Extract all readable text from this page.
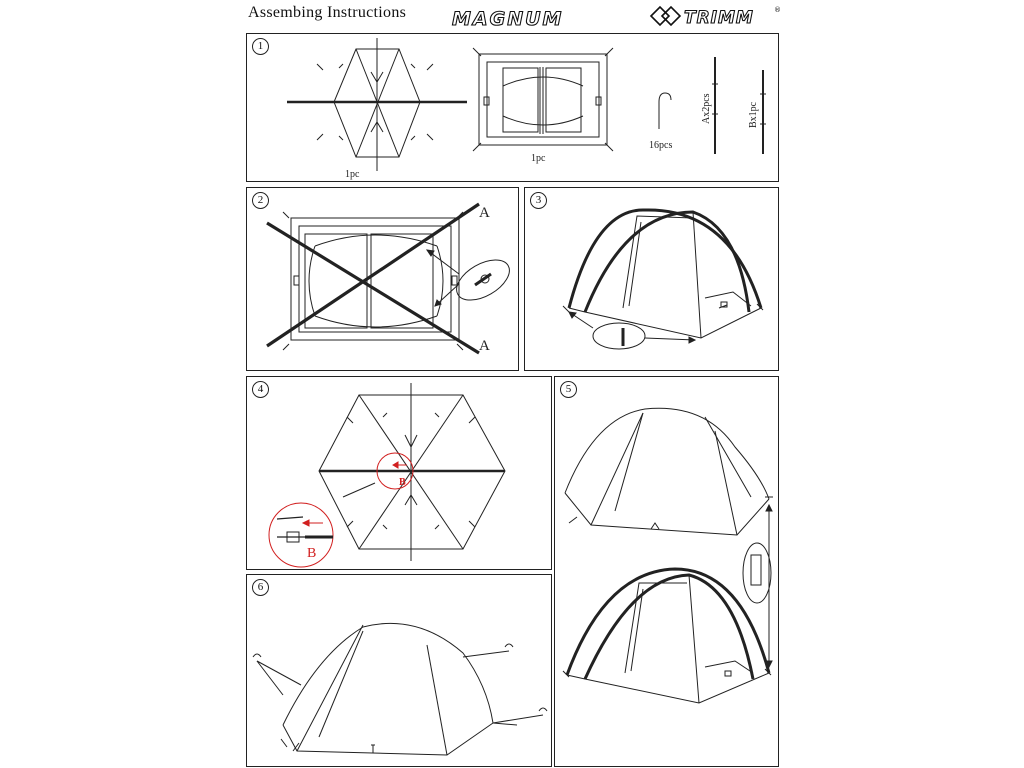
Assembing Instructions MAGNUM	TRIMM	®
1
1pc
1pc
16pcs
Ax2pcs	Bx1pc
2
A
A
3
4
B
B
5
6
